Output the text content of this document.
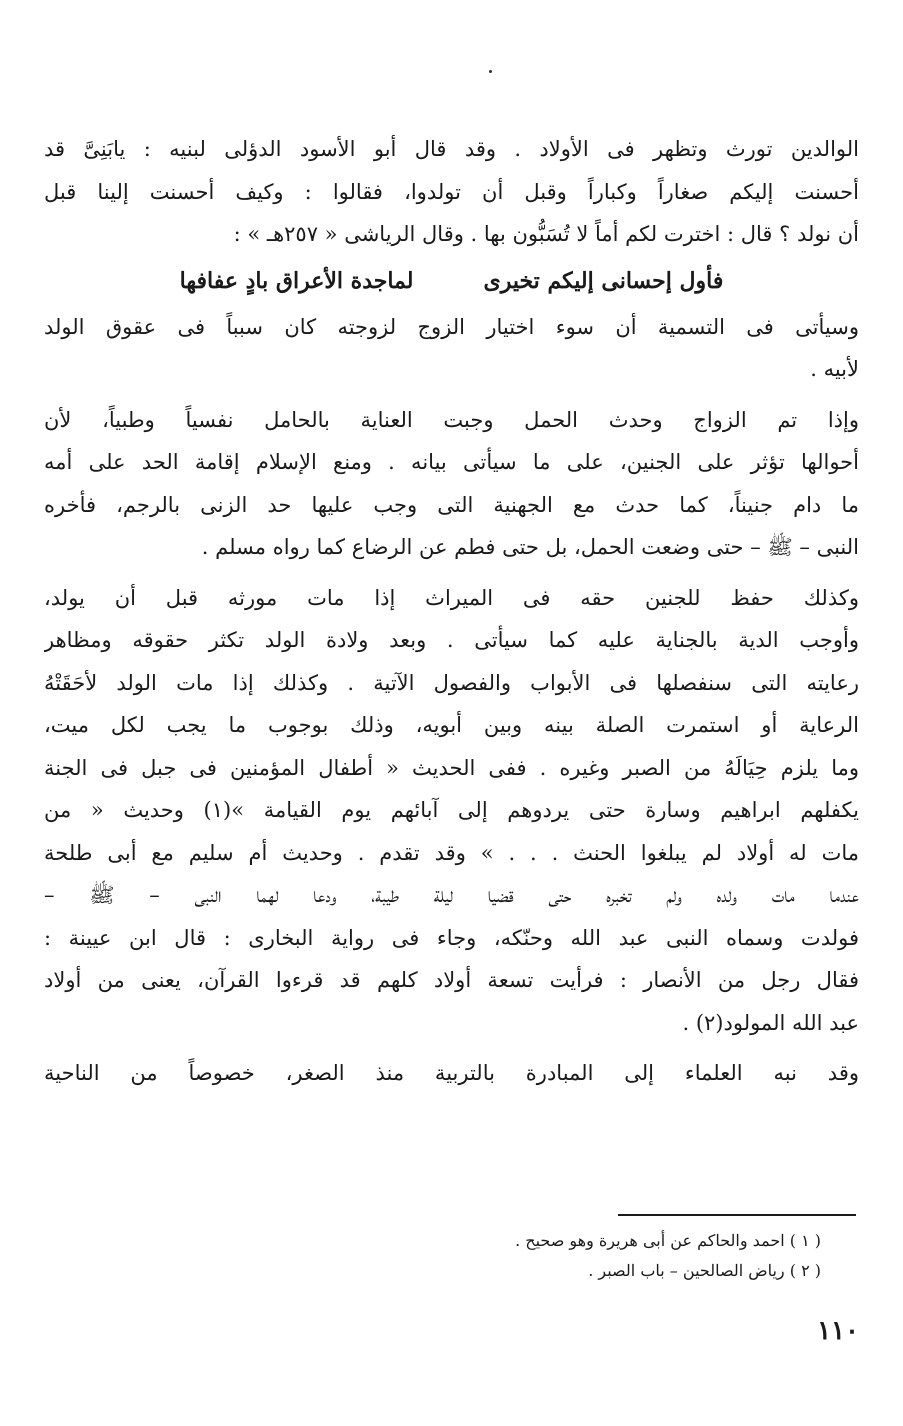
الوالدين تورث وتظهر فى الأولاد . وقد قال أبو الأسود الدؤلى لبنيه : يابَنِىَّ قد
أحسنت إليكم صغاراً وكباراً وقبل أن تولدوا، فقالوا : وكيف أحسنت إلينا قبل
أن نولد ؟ قال : اخترت لكم أماً لا تُسَبُّون بها . وقال الرياشى « ٢٥٧هـ » :
فأول إحسانى إليكم تخيرى
لماجدة الأعراق بادٍ عفافها
وسيأتى فى التسمية أن سوء اختيار الزوج لزوجته كان سبباً فى عقوق الولد
لأبيه .
وإذا تم الزواج وحدث الحمل وجبت العناية بالحامل نفسياً وطبياً، لأن
أحوالها تؤثر على الجنين، على ما سيأتى بيانه . ومنع الإسلام إقامة الحد على أمه
ما دام جنيناً، كما حدث مع الجهنية التى وجب عليها حد الزنى بالرجم، فأخره
النبى – ﷺ – حتى وضعت الحمل، بل حتى فطم عن الرضاع كما رواه مسلم .
وكذلك حفظ للجنين حقه فى الميراث إذا مات مورثه قبل أن يولد،
وأوجب الدية بالجناية عليه كما سيأتى . وبعد ولادة الولد تكثر حقوقه ومظاهر
رعايته التى سنفصلها فى الأبواب والفصول الآتية . وكذلك إذا مات الولد لأحَقَتْهُ
الرعاية أو استمرت الصلة بينه وبين أبويه، وذلك بوجوب ما يجب لكل ميت،
وما يلزم حِيَالَهُ من الصبر وغيره . ففى الحديث « أطفال المؤمنين فى جبل فى الجنة
يكفلهم ابراهيم وسارة حتى يردوهم إلى آبائهم يوم القيامة »(١) وحديث « من
مات له أولاد لم يبلغوا الحنث . . . » وقد تقدم . وحديث أم سليم مع أبى طلحة
عندما مات ولده ولم تخبره حتى قضيا ليلة طيبة، ودعا لهما النبى – ﷺ –
فولدت وسماه النبى عبد الله وحنّكه، وجاء فى رواية البخارى : قال ابن عيينة :
فقال رجل من الأنصار : فرأيت تسعة أولاد كلهم قد قرءوا القرآن، يعنى من أولاد
عبد الله المولود(٢) .
وقد نبه العلماء إلى المبادرة بالتربية منذ الصغر، خصوصاً من الناحية
( ١ ) احمد والحاكم عن أبى هريرة وهو صحيح .
( ٢ ) رياض الصالحين – باب الصبر .
١١٠
